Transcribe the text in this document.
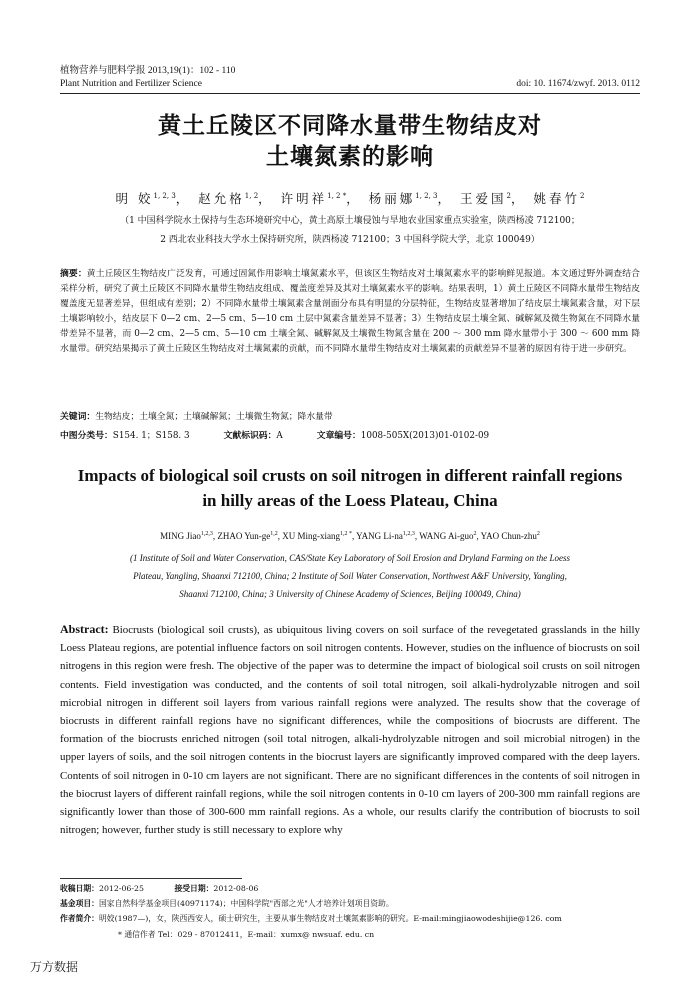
植物营养与肥料学报 2013,19(1)：102 - 110
Plant Nutrition and Fertilizer Science	doi: 10. 11674/zwyf. 2013. 0112
黄土丘陵区不同降水量带生物结皮对
土壤氮素的影响
明 姣$^{1, 2, 3}$， 赵允格$^{1, 2}$， 许明祥$^{1, 2 *}$， 杨丽娜$^{1, 2, 3}$， 王爱国$^2$， 姚春竹$^2$
（1 中国科学院水土保持与生态环境研究中心，黄土高原土壤侵蚀与旱地农业国家重点实验室，陕西杨凌 712100；
2 西北农业科技大学水土保持研究所，陕西杨凌 712100；3 中国科学院大学，北京 100049）
摘要：黄土丘陵区生物结皮广泛发育，可通过固氮作用影响土壤氮素水平，但该区生物结皮对土壤氮素水平的影响鲜见报道。本文通过野外调查结合采样分析，研究了黄土丘陵区不同降水量带生物结皮组成、覆盖度差异及其对土壤氮素水平的影响。结果表明，1）黄土丘陵区不同降水量带生物结皮覆盖度无显著差异，但组成有差别；2）不同降水量带土壤氮素含量剖面分布具有明显的分层特征，生物结皮显著增加了结皮层土壤氮素含量，对下层土壤影响较小，结皮层下 0—2 cm、2—5 cm、5—10 cm 土层中氮素含量差异不显著；3）生物结皮层土壤全氮、碱解氮及微生物氮在不同降水量带差异不显著，而 0—2 cm、2—5 cm、5—10 cm 土壤全氮、碱解氮及土壤微生物氮含量在 200 ～ 300 mm 降水量带小于 300 ～ 600 mm 降水量带。研究结果揭示了黄土丘陵区生物结皮对土壤氮素的贡献，而不同降水量带生物结皮对土壤氮素的贡献差异不显著的原因有待于进一步研究。
关键词：生物结皮；土壤全氮；土壤碱解氮；土壤微生物氮；降水量带
中图分类号：S154. 1；S158. 3	文献标识码：A	文章编号：1008-505X(2013)01-0102-09
Impacts of biological soil crusts on soil nitrogen in different rainfall regions
in hilly areas of the Loess Plateau, China
MING Jiao$^{1,2,3}$, ZHAO Yun-ge$^{1,2}$, XU Ming-xiang$^{1,2 *}$, YANG Li-na$^{1,2,3}$, WANG Ai-guo$^2$, YAO Chun-zhu$^2$
(1 Institute of Soil and Water Conservation, CAS/State Key Laboratory of Soil Erosion and Dryland Farming on the Loess
Plateau, Yangling, Shaanxi 712100, China; 2 Institute of Soil Water Conservation, Northwest A&F University, Yangling,
Shaanxi 712100, China; 3 University of Chinese Academy of Sciences, Beijing 100049, China)
Abstract: Biocrusts (biological soil crusts), as ubiquitous living covers on soil surface of the revegetated grasslands in the hilly Loess Plateau regions, are potential influence factors on soil nitrogen contents. However, studies on the influence of biocrusts on soil nitrogens in this region were fresh. The objective of the paper was to determine the impact of biological soil crusts on soil nitrogen contents. Field investigation was conducted, and the contents of soil total nitrogen, soil alkali-hydrolyzable nitrogen and soil microbial nitrogen in different soil layers from various rainfall regions were analyzed. The results show that the coverage of biocrusts in different rainfall regions have no significant differences, while the compositions of biocrusts are different. The formation of the biocrusts enriched nitrogen (soil total nitrogen, alkali-hydrolyzable nitrogen and soil microbial nitrogen) in the upper layers of soils, and the soil nitrogen contents in the biocrust layers are significantly improved compared with the deep layers. Contents of soil nitrogen in 0-10 cm layers are not significant. There are no significant differences in the contents of soil nitrogen in the biocrust layers of different rainfall regions, while the soil nitrogen contents in 0-10 cm layers of 200-300 mm rainfall regions are significantly lower than those of 300-600 mm rainfall regions. As a whole, our results clarify the contribution of biocrusts to soil nitrogen; however, further study is still necessary to explore why
收稿日期：2012-06-25	接受日期：2012-08-06
基金项目：国家自然科学基金项目(40971174)；中国科学院"西部之光"人才培养计划项目资助。
作者简介：明姣(1987—)，女，陕西西安人，硕士研究生，主要从事生物结皮对土壤氮素影响的研究。E-mail:mingjiaowodeshijie@126. com
* 通信作者 Tel：029 - 87012411，E-mail：xumx@ nwsuaf. edu. cn
万方数据
